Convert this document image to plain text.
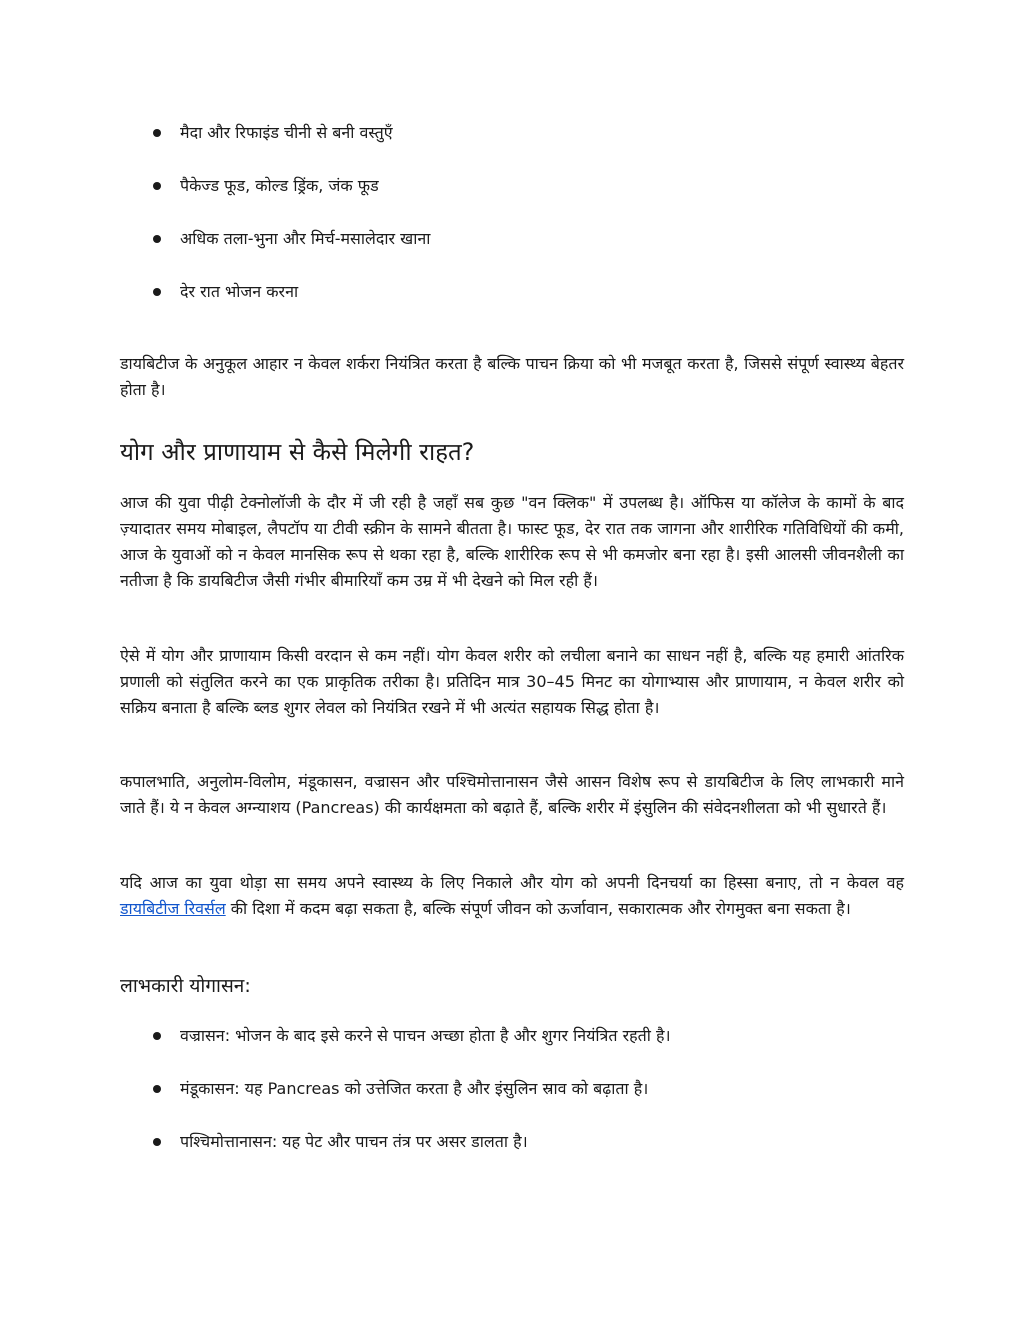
मैदा और रिफाइंड चीनी से बनी वस्तुएँ
पैकेज्ड फूड, कोल्ड ड्रिंक, जंक फूड
अधिक तला-भुना और मिर्च-मसालेदार खाना
देर रात भोजन करना

डायबिटीज के अनुकूल आहार न केवल शर्करा नियंत्रित करता है बल्कि पाचन क्रिया को भी मजबूत करता है, जिससे संपूर्ण स्वास्थ्य बेहतर होता है।

योग और प्राणायाम से कैसे मिलेगी राहत?

आज की युवा पीढ़ी टेक्नोलॉजी के दौर में जी रही है जहाँ सब कुछ "वन क्लिक" में उपलब्ध है। ऑफिस या कॉलेज के कामों के बाद ज़्यादातर समय मोबाइल, लैपटॉप या टीवी स्क्रीन के सामने बीतता है। फास्ट फूड, देर रात तक जागना और शारीरिक गतिविधियों की कमी, आज के युवाओं को न केवल मानसिक रूप से थका रहा है, बल्कि शारीरिक रूप से भी कमजोर बना रहा है। इसी आलसी जीवनशैली का नतीजा है कि डायबिटीज जैसी गंभीर बीमारियाँ कम उम्र में भी देखने को मिल रही हैं।

ऐसे में योग और प्राणायाम किसी वरदान से कम नहीं। योग केवल शरीर को लचीला बनाने का साधन नहीं है, बल्कि यह हमारी आंतरिक प्रणाली को संतुलित करने का एक प्राकृतिक तरीका है। प्रतिदिन मात्र 30–45 मिनट का योगाभ्यास और प्राणायाम, न केवल शरीर को सक्रिय बनाता है बल्कि ब्लड शुगर लेवल को नियंत्रित रखने में भी अत्यंत सहायक सिद्ध होता है।

कपालभाति, अनुलोम-विलोम, मंडूकासन, वज्रासन और पश्चिमोत्तानासन जैसे आसन विशेष रूप से डायबिटीज के लिए लाभकारी माने जाते हैं। ये न केवल अग्न्याशय (Pancreas) की कार्यक्षमता को बढ़ाते हैं, बल्कि शरीर में इंसुलिन की संवेदनशीलता को भी सुधारते हैं।

यदि आज का युवा थोड़ा सा समय अपने स्वास्थ्य के लिए निकाले और योग को अपनी दिनचर्या का हिस्सा बनाए, तो न केवल वह डायबिटीज रिवर्सल की दिशा में कदम बढ़ा सकता है, बल्कि संपूर्ण जीवन को ऊर्जावान, सकारात्मक और रोगमुक्त बना सकता है।

लाभकारी योगासन:
वज्रासन: भोजन के बाद इसे करने से पाचन अच्छा होता है और शुगर नियंत्रित रहती है।
मंडूकासन: यह Pancreas को उत्तेजित करता है और इंसुलिन स्राव को बढ़ाता है।
पश्चिमोत्तानासन: यह पेट और पाचन तंत्र पर असर डालता है।
